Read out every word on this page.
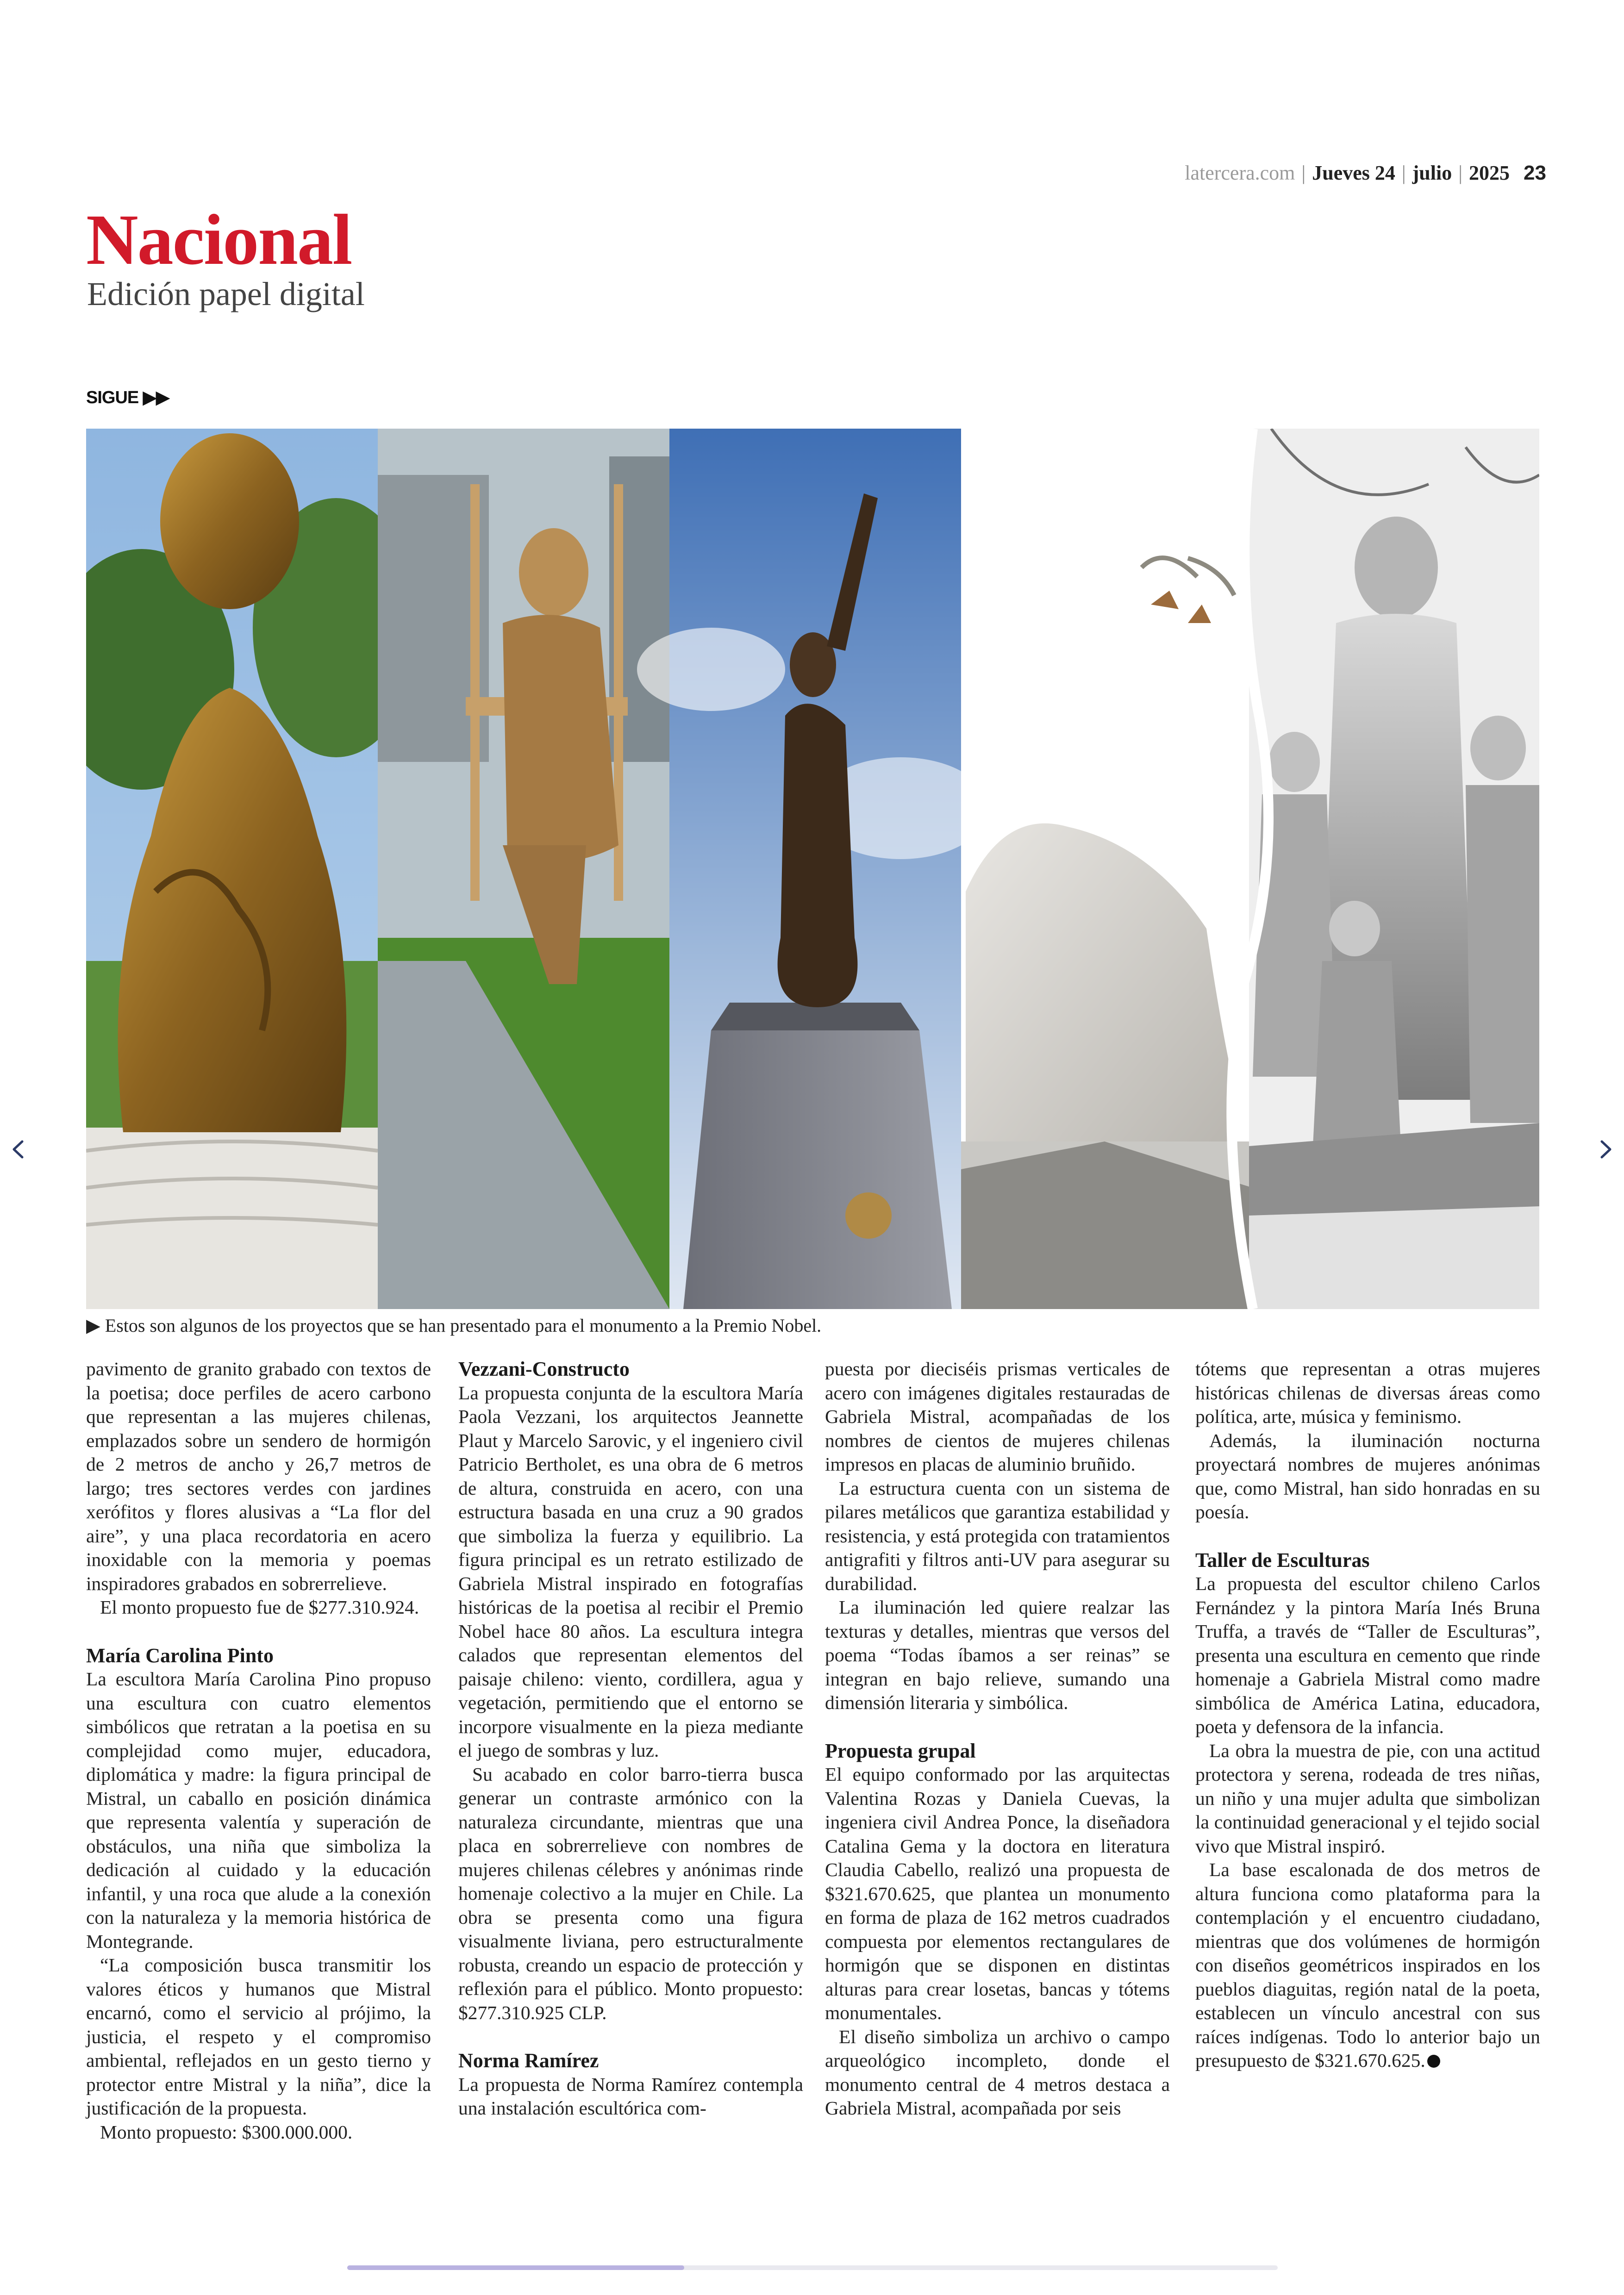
latercera.com | Jueves 24 | julio | 2025 23
Nacional
Edición papel digital
SIGUE ▶▶
▶ Estos son algunos de los proyectos que se han presentado para el monumento a la Premio Nobel.

pavimento de granito grabado con textos de la poetisa; doce perfiles de acero carbono que representan a las mujeres chilenas, emplazados sobre un sendero de hormigón de 2 metros de ancho y 26,7 metros de largo; tres sectores verdes con jardines xerófitos y flores alusivas a “La flor del aire”, y una placa recordatoria en acero inoxidable con la memoria y poemas inspiradores grabados en sobrerrelieve.

El monto propuesto fue de $277.310.924.

María Carolina Pinto

La escultora María Carolina Pino propuso una escultura con cuatro elementos simbólicos que retratan a la poetisa en su complejidad como mujer, educadora, diplomática y madre: la figura principal de Mistral, un caballo en posición dinámica que representa valentía y superación de obstáculos, una niña que simboliza la dedicación al cuidado y la educación infantil, y una roca que alude a la conexión con la naturaleza y la memoria histórica de Montegrande.

“La composición busca transmitir los valores éticos y humanos que Mistral encarnó, como el servicio al prójimo, la justicia, el respeto y el compromiso ambiental, reflejados en un gesto tierno y protector entre Mistral y la niña”, dice la justificación de la propuesta.

Monto propuesto: $300.000.000.

Vezzani-Constructo

La propuesta conjunta de la escultora María Paola Vezzani, los arquitectos Jeannette Plaut y Marcelo Sarovic, y el ingeniero civil Patricio Bertholet, es una obra de 6 metros de altura, construida en acero, con una estructura basada en una cruz a 90 grados que simboliza la fuerza y equilibrio. La figura principal es un retrato estilizado de Gabriela Mistral inspirado en fotografías históricas de la poetisa al recibir el Premio Nobel hace 80 años. La escultura integra calados que representan elementos del paisaje chileno: viento, cordillera, agua y vegetación, permitiendo que el entorno se incorpore visualmente en la pieza mediante el juego de sombras y luz.

Su acabado en color barro-tierra busca generar un contraste armónico con la naturaleza circundante, mientras que una placa en sobrerrelieve con nombres de mujeres chilenas célebres y anónimas rinde homenaje colectivo a la mujer en Chile. La obra se presenta como una figura visualmente liviana, pero estructuralmente robusta, creando un espacio de protección y reflexión para el público. Monto propuesto: $277.310.925 CLP.

Norma Ramírez

La propuesta de Norma Ramírez contempla una instalación escultórica com-

puesta por dieciséis prismas verticales de acero con imágenes digitales restauradas de Gabriela Mistral, acompañadas de los nombres de cientos de mujeres chilenas impresos en placas de aluminio bruñido.

La estructura cuenta con un sistema de pilares metálicos que garantiza estabilidad y resistencia, y está protegida con tratamientos antigrafiti y filtros anti-UV para asegurar su durabilidad.

La iluminación led quiere realzar las texturas y detalles, mientras que versos del poema “Todas íbamos a ser reinas” se integran en bajo relieve, sumando una dimensión literaria y simbólica.

Propuesta grupal

El equipo conformado por las arquitectas Valentina Rozas y Daniela Cuevas, la ingeniera civil Andrea Ponce, la diseñadora Catalina Gema y la doctora en literatura Claudia Cabello, realizó una propuesta de $321.670.625, que plantea un monumento en forma de plaza de 162 metros cuadrados compuesta por elementos rectangulares de hormigón que se disponen en distintas alturas para crear losetas, bancas y tótems monumentales.

El diseño simboliza un archivo o campo arqueológico incompleto, donde el monumento central de 4 metros destaca a Gabriela Mistral, acompañada por seis

tótems que representan a otras mujeres históricas chilenas de diversas áreas como política, arte, música y feminismo.

Además, la iluminación nocturna proyectará nombres de mujeres anónimas que, como Mistral, han sido honradas en su poesía.

Taller de Esculturas

La propuesta del escultor chileno Carlos Fernández y la pintora María Inés Bruna Truffa, a través de “Taller de Esculturas”, presenta una escultura en cemento que rinde homenaje a Gabriela Mistral como madre simbólica de América Latina, educadora, poeta y defensora de la infancia.

La obra la muestra de pie, con una actitud protectora y serena, rodeada de tres niñas, un niño y una mujer adulta que simbolizan la continuidad generacional y el tejido social vivo que Mistral inspiró.

La base escalonada de dos metros de altura funciona como plataforma para la contemplación y el encuentro ciudadano, mientras que dos volúmenes de hormigón con diseños geométricos inspirados en los pueblos diaguitas, región natal de la poeta, establecen un vínculo ancestral con sus raíces indígenas. Todo lo anterior bajo un presupuesto de $321.670.625.
